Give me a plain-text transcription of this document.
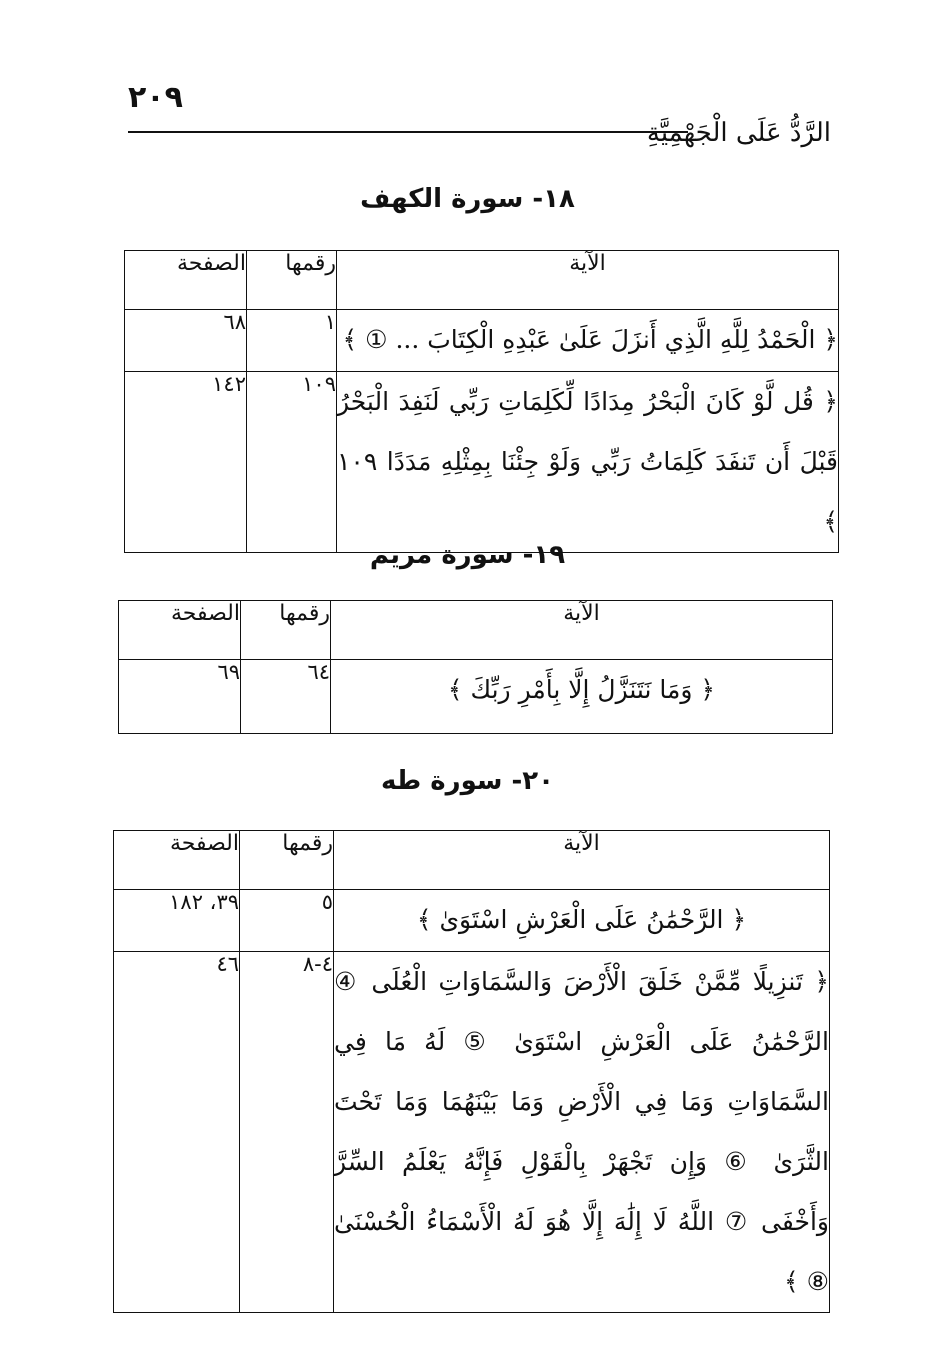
٢٠٩
الرَّدُّ عَلَى الْجَهْمِيَّةِ
١٨- سورة الكهف
الآية	رقمها	الصفحة
﴿ الْحَمْدُ لِلَّهِ الَّذِي أَنزَلَ عَلَىٰ عَبْدِهِ الْكِتَابَ ... ① ﴾	١	٦٨
﴿ قُل لَّوْ كَانَ الْبَحْرُ مِدَادًا لِّكَلِمَاتِ رَبِّي لَنَفِدَ الْبَحْرُ قَبْلَ أَن تَنفَدَ كَلِمَاتُ رَبِّي وَلَوْ جِئْنَا بِمِثْلِهِ مَدَدًا ١٠٩ ﴾	١٠٩	١٤٢
١٩- سورة مريم
الآية	رقمها	الصفحة
﴿ وَمَا نَتَنَزَّلُ إِلَّا بِأَمْرِ رَبِّكَ ﴾	٦٤	٦٩
٢٠- سورة طه
الآية	رقمها	الصفحة
﴿ الرَّحْمَٰنُ عَلَى الْعَرْشِ اسْتَوَىٰ ﴾	٥	٣٩، ١٨٢
﴿ تَنزِيلًا مِّمَّنْ خَلَقَ الْأَرْضَ وَالسَّمَاوَاتِ الْعُلَى ④ الرَّحْمَٰنُ عَلَى الْعَرْشِ اسْتَوَىٰ ⑤ لَهُ مَا فِي السَّمَاوَاتِ وَمَا فِي الْأَرْضِ وَمَا بَيْنَهُمَا وَمَا تَحْتَ الثَّرَىٰ ⑥ وَإِن تَجْهَرْ بِالْقَوْلِ فَإِنَّهُ يَعْلَمُ السِّرَّ وَأَخْفَى ⑦ اللَّهُ لَا إِلَٰهَ إِلَّا هُوَ لَهُ الْأَسْمَاءُ الْحُسْنَىٰ ⑧ ﴾	٤-٨	٤٦
